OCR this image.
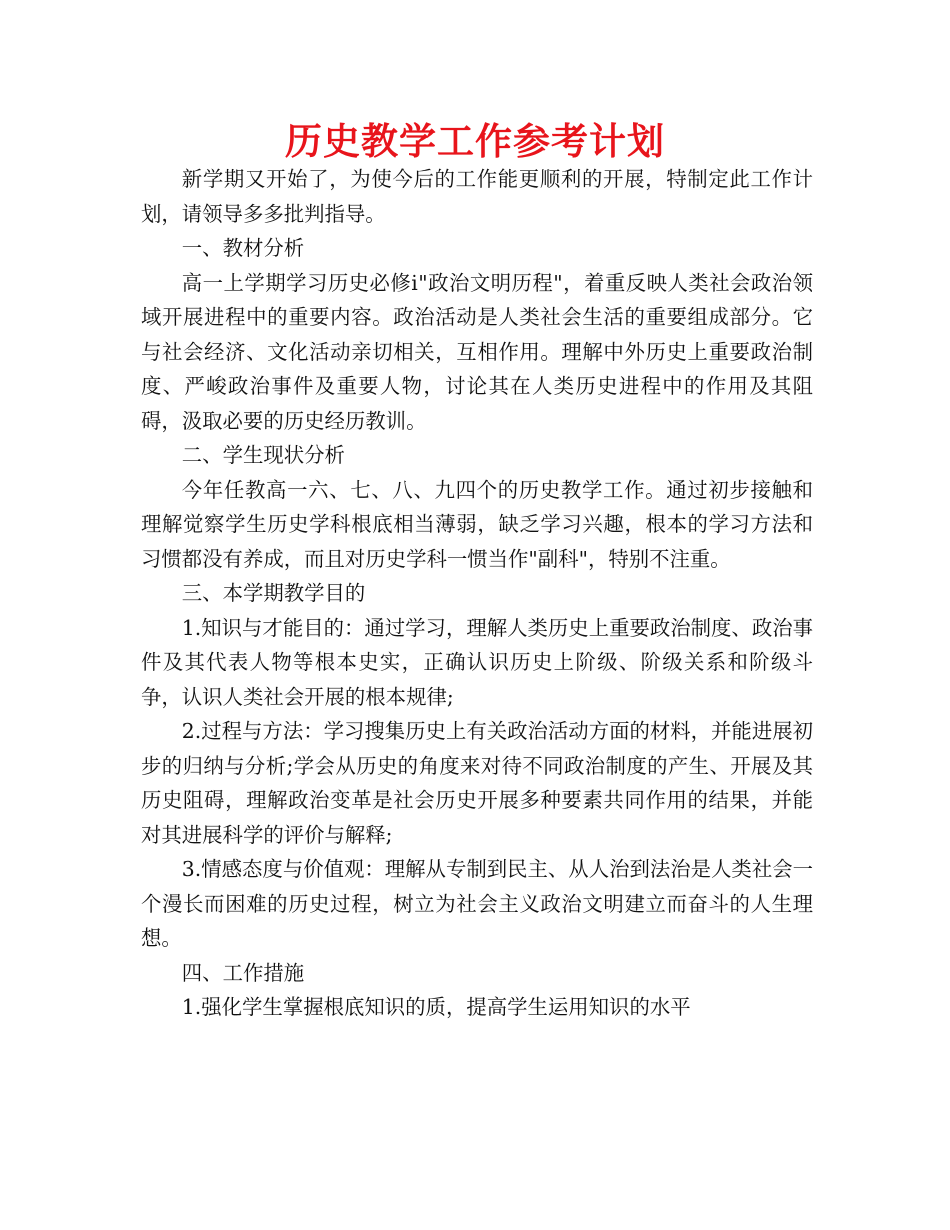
历史教学工作参考计划

新学期又开始了，为使今后的工作能更顺利的开展，特制定此工作计划，请领导多多批判指导。

一、教材分析

高一上学期学习历史必修ⅰ"政治文明历程"，着重反映人类社会政治领域开展进程中的重要内容。政治活动是人类社会生活的重要组成部分。它与社会经济、文化活动亲切相关，互相作用。理解中外历史上重要政治制度、严峻政治事件及重要人物，讨论其在人类历史进程中的作用及其阻碍，汲取必要的历史经历教训。

二、学生现状分析

今年任教高一六、七、八、九四个的历史教学工作。通过初步接触和理解觉察学生历史学科根底相当薄弱，缺乏学习兴趣，根本的学习方法和习惯都没有养成，而且对历史学科一惯当作"副科"，特别不注重。

三、本学期教学目的

1.知识与才能目的：通过学习，理解人类历史上重要政治制度、政治事件及其代表人物等根本史实，正确认识历史上阶级、阶级关系和阶级斗争，认识人类社会开展的根本规律;

2.过程与方法：学习搜集历史上有关政治活动方面的材料，并能进展初步的归纳与分析;学会从历史的角度来对待不同政治制度的产生、开展及其历史阻碍，理解政治变革是社会历史开展多种要素共同作用的结果，并能对其进展科学的评价与解释;

3.情感态度与价值观：理解从专制到民主、从人治到法治是人类社会一个漫长而困难的历史过程，树立为社会主义政治文明建立而奋斗的人生理想。

四、工作措施

1.强化学生掌握根底知识的质，提高学生运用知识的水平
